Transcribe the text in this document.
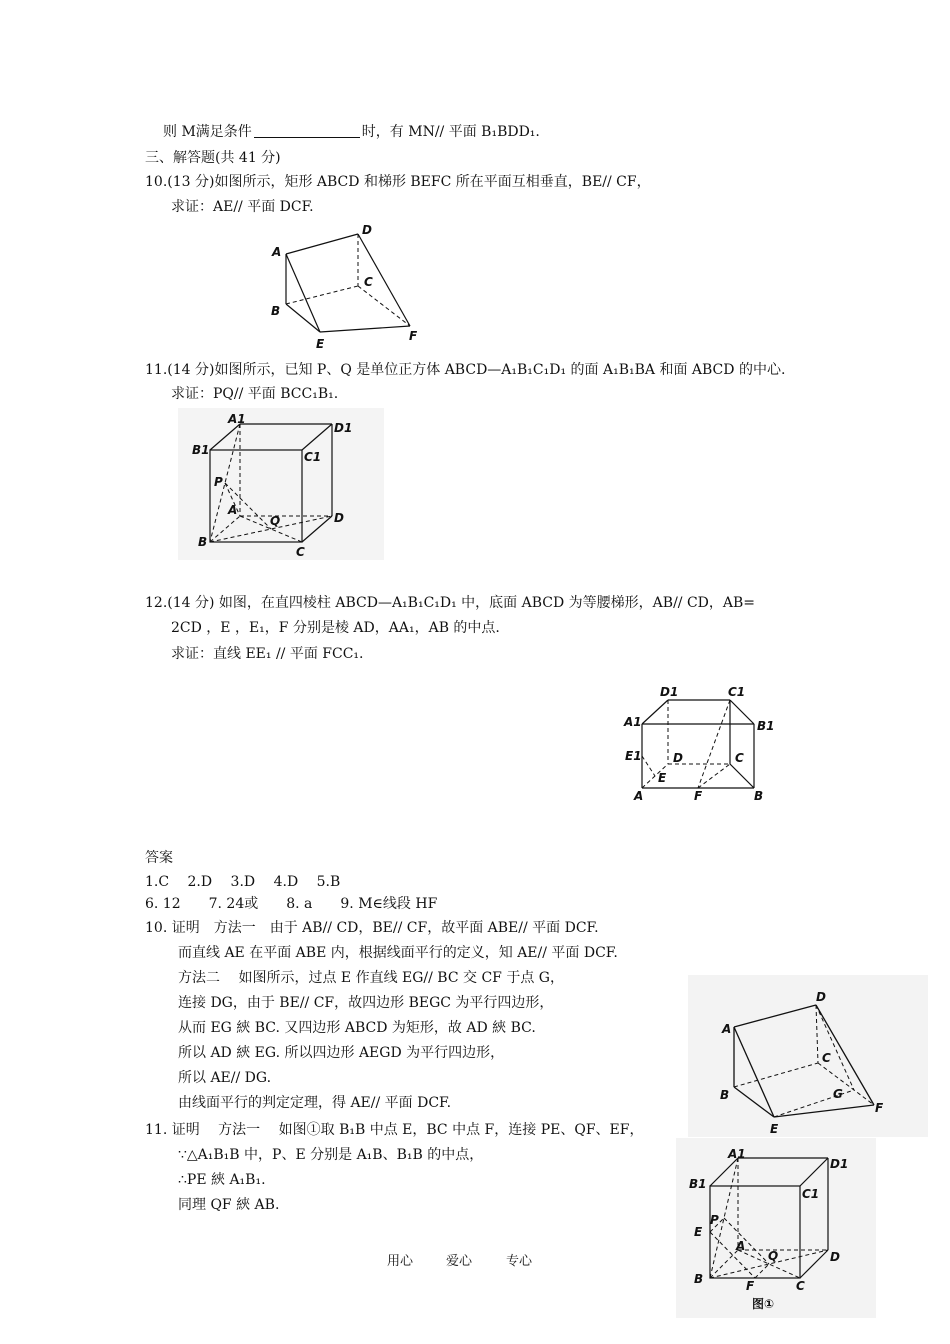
则 M满足条件	时，有 MN// 平面 B₁BDD₁.
三、解答题(共 41 分)
10.(13 分)如图所示，矩形 ABCD 和梯形 BEFC 所在平面互相垂直，BE// CF，
求证：AE// 平面 DCF.
A
B
C
D
E
F
11.(14 分)如图所示，已知 P、Q 是单位正方体 ABCD—A₁B₁C₁D₁ 的面 A₁B₁BA 和面 ABCD 的中心.
求证：PQ// 平面 BCC₁B₁.
A1
D1
B1	C1
P
A
Q	D
B
C
12.(14 分) 如图，在直四棱柱 ABCD—A₁B₁C₁D₁ 中，底面 ABCD 为等腰梯形，AB// CD，AB=
2CD ，E ，E₁，F 分别是棱 AD，AA₁，AB 的中点.
求证：直线 EE₁ // 平面 FCC₁.
D1	C1
A1	B1
E1	D	C
E
A	F	B
答案
1.C　 2.D　 3.D　 4.D　 5.B
6. 12　　7. 24或　　8. a　　9. M∈线段 HF
10. 证明　方法一　由于 AB// CD，BE// CF，故平面 ABE// 平面 DCF.
而直线 AE 在平面 ABE 内，根据线面平行的定义，知 AE// 平面 DCF.
方法二　 如图所示，过点 E 作直线 EG// BC 交 CF 于点 G，
连接 DG，由于 BE// CF，故四边形 BEGC 为平行四边形，
从而 EG 綊 BC. 又四边形 ABCD 为矩形，故 AD 綊 BC.
所以 AD 綊 EG. 所以四边形 AEGD 为平行四边形，
所以 AE// DG.
由线面平行的判定定理，得 AE// 平面 DCF.
A
B
C
D
E
F
G
11. 证明　 方法一　 如图①取 B₁B 中点 E，BC 中点 F，连接 PE、QF、EF，
∵△A₁B₁B 中，P、E 分别是 A₁B、B₁B 的中点，
∴PE 綊 A₁B₁.
同理 QF 綊 AB.
A1
D1
B1
C1
P
E
A
Q	D
B	F	C
图①
用心	爱心	专心
